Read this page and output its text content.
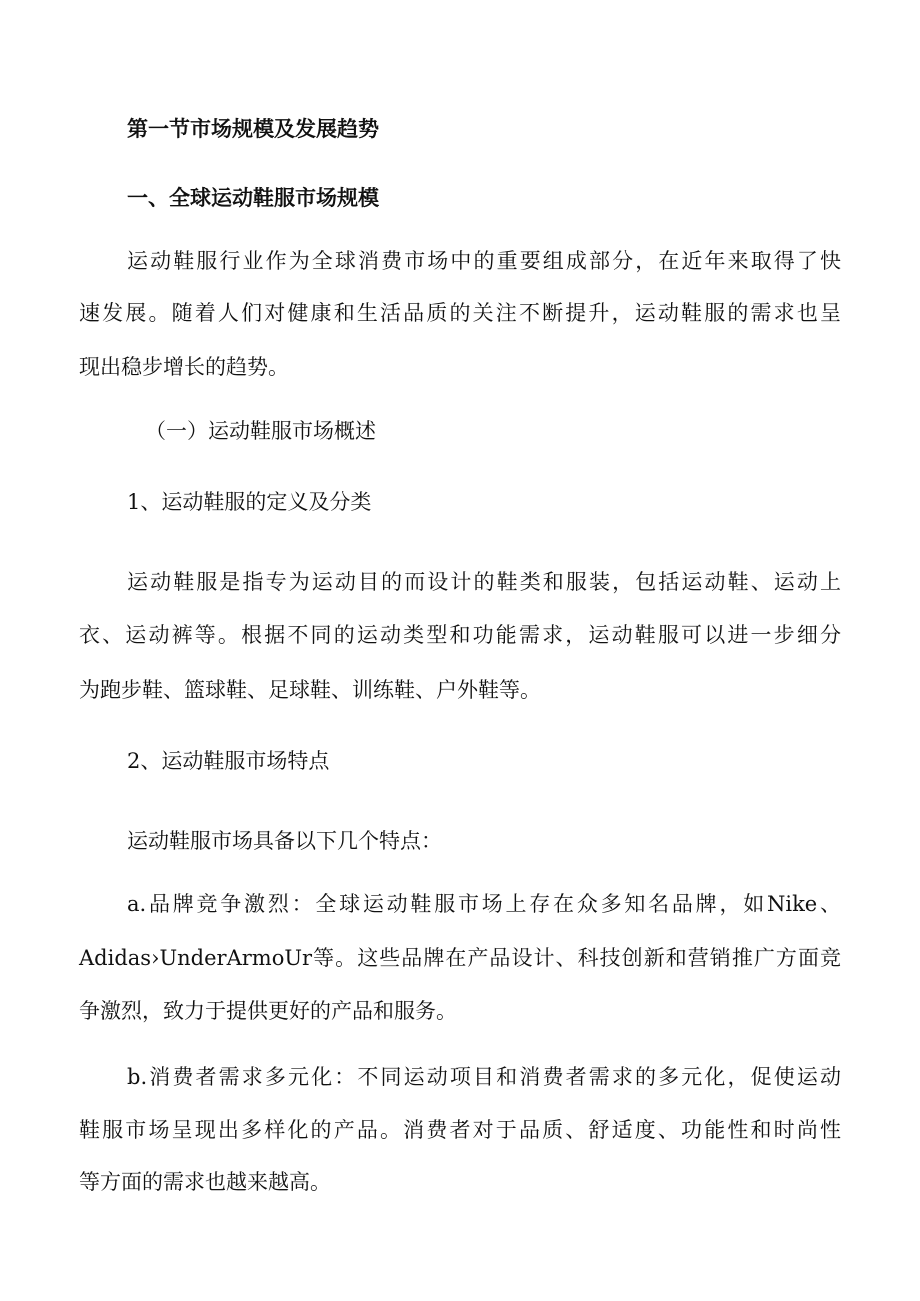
第一节市场规模及发展趋势

一、全球运动鞋服市场规模

运动鞋服行业作为全球消费市场中的重要组成部分，在近年来取得了快

速发展。随着人们对健康和生活品质的关注不断提升，运动鞋服的需求也呈

现出稳步增长的趋势。

（一）运动鞋服市场概述

1、运动鞋服的定义及分类

运动鞋服是指专为运动目的而设计的鞋类和服装，包括运动鞋、运动上

衣、运动裤等。根据不同的运动类型和功能需求，运动鞋服可以进一步细分

为跑步鞋、篮球鞋、足球鞋、训练鞋、户外鞋等。

2、运动鞋服市场特点

运动鞋服市场具备以下几个特点：

a.品牌竞争激烈：全球运动鞋服市场上存在众多知名品牌，如Nike、

Adidas›UnderArmoUr等。这些品牌在产品设计、科技创新和营销推广方面竞

争激烈，致力于提供更好的产品和服务。

b.消费者需求多元化：不同运动项目和消费者需求的多元化，促使运动

鞋服市场呈现出多样化的产品。消费者对于品质、舒适度、功能性和时尚性

等方面的需求也越来越高。
